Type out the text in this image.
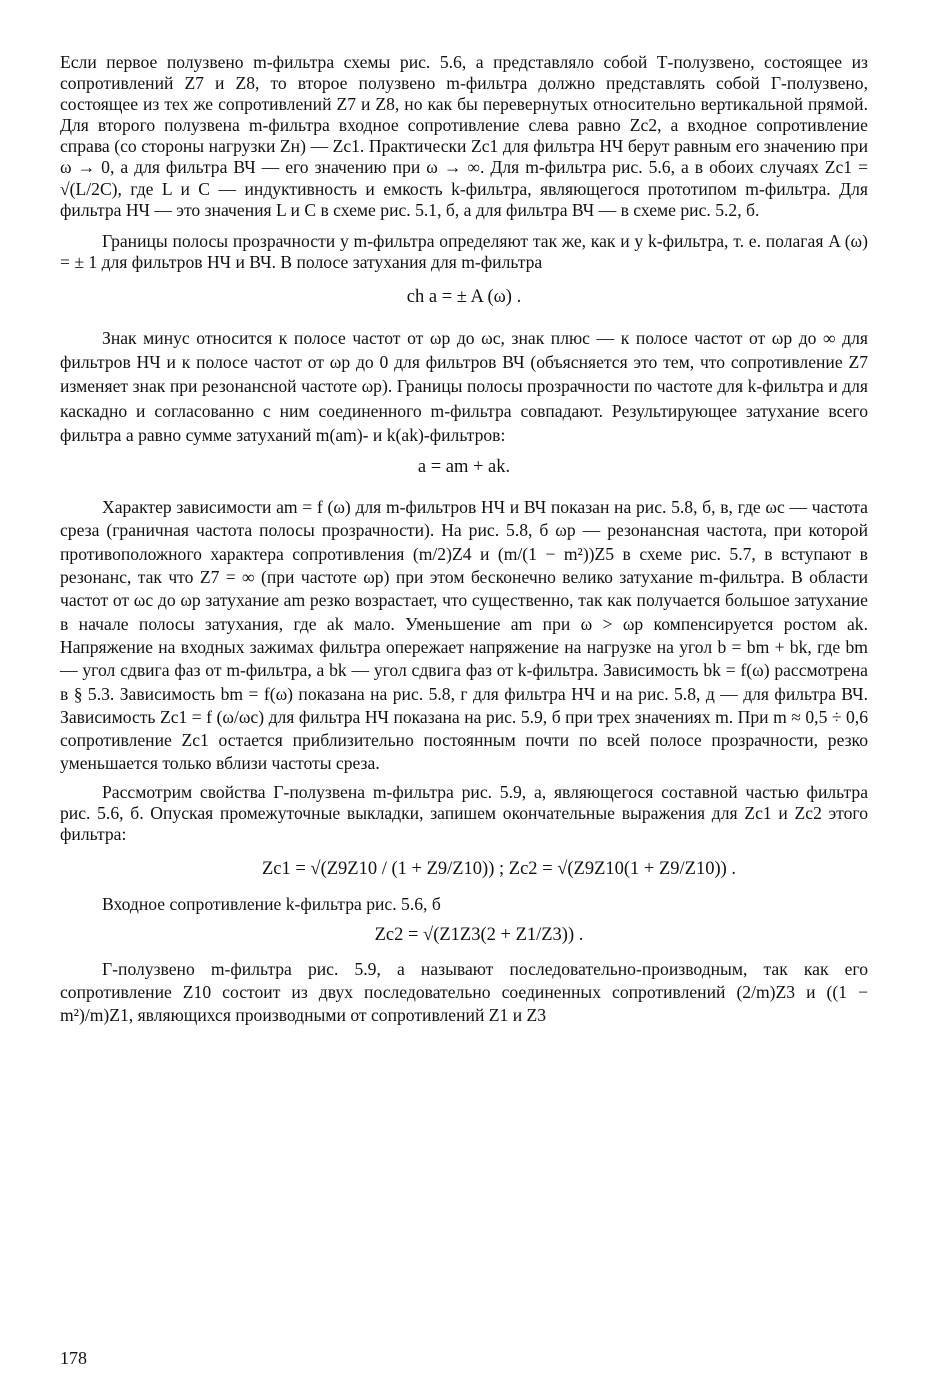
Если первое полузвено m-фильтра схемы рис. 5.6, а представляло собой Т-полузвено, состоящее из сопротивлений Z7 и Z8, то второе полузвено m-фильтра должно представлять собой Г-полузвено, состоящее из тех же сопротивлений Z7 и Z8, но как бы перевернутых относительно вертикальной прямой. Для второго полузвена m-фильтра входное сопротивление слева равно Zc2, а входное сопротивление справа (со стороны нагрузки Zн) — Zc1. Практически Zc1 для фильтра НЧ берут равным его значению при ω → 0, а для фильтра ВЧ — его значению при ω → ∞. Для m-фильтра рис. 5.6, а в обоих случаях Zc1 = √(L/2C), где L и C — индуктивность и емкость k-фильтра, являющегося прототипом m-фильтра. Для фильтра НЧ — это значения L и C в схеме рис. 5.1, б, а для фильтра ВЧ — в схеме рис. 5.2, б.

Границы полосы прозрачности у m-фильтра определяют так же, как и у k-фильтра, т. е. полагая A (ω) = ± 1 для фильтров НЧ и ВЧ. В полосе затухания для m-фильтра

ch a = ± A (ω) .

Знак минус относится к полосе частот от ωр до ωс, знак плюс — к полосе частот от ωр до ∞ для фильтров НЧ и к полосе частот от ωр до 0 для фильтров ВЧ (объясняется это тем, что сопротивление Z7 изменяет знак при резонансной частоте ωр). Границы полосы прозрачности по частоте для k-фильтра и для каскадно и согласованно с ним соединенного m-фильтра совпадают. Результирующее затухание всего фильтра a равно сумме затуханий m(am)- и k(ak)-фильтров:

a = am + ak.

Характер зависимости am = f (ω) для m-фильтров НЧ и ВЧ показан на рис. 5.8, б, в, где ωс — частота среза (граничная частота полосы прозрачности). На рис. 5.8, б ωр — резонансная частота, при которой противоположного характера сопротивления (m/2)Z4 и (m/(1 − m²))Z5 в схеме рис. 5.7, в вступают в резонанс, так что Z7 = ∞ (при частоте ωр) при этом бесконечно велико затухание m-фильтра. В области частот от ωс до ωр затухание am резко возрастает, что существенно, так как получается большое затухание в начале полосы затухания, где ak мало. Уменьшение am при ω > ωр компенсируется ростом ak. Напряжение на входных зажимах фильтра опережает напряжение на нагрузке на угол b = bm + bk, где bm — угол сдвига фаз от m-фильтра, а bk — угол сдвига фаз от k-фильтра. Зависимость bk = f(ω) рассмотрена в § 5.3. Зависимость bm = f(ω) показана на рис. 5.8, г для фильтра НЧ и на рис. 5.8, д — для фильтра ВЧ. Зависимость Zc1 = f (ω/ωс) для фильтра НЧ показана на рис. 5.9, б при трех значениях m. При m ≈ 0,5 ÷ 0,6 сопротивление Zc1 остается приблизительно постоянным почти по всей полосе прозрачности, резко уменьшается только вблизи частоты среза.

Рассмотрим свойства Г-полузвена m-фильтра рис. 5.9, а, являющегося составной частью фильтра рис. 5.6, б. Опуская промежуточные выкладки, запишем окончательные выражения для Zc1 и Zc2 этого фильтра:

Zc1 = √(Z9Z10 / (1 + Z9/Z10)) ; Zc2 = √(Z9Z10(1 + Z9/Z10)) .

Входное сопротивление k-фильтра рис. 5.6, б

Zc2 = √(Z1Z3(2 + Z1/Z3)) .

Г-полузвено m-фильтра рис. 5.9, а называют последовательно-производным, так как его сопротивление Z10 состоит из двух последовательно соединенных сопротивлений (2/m)Z3 и ((1 − m²)/m)Z1, являющихся производными от сопротивлений Z1 и Z3

178
